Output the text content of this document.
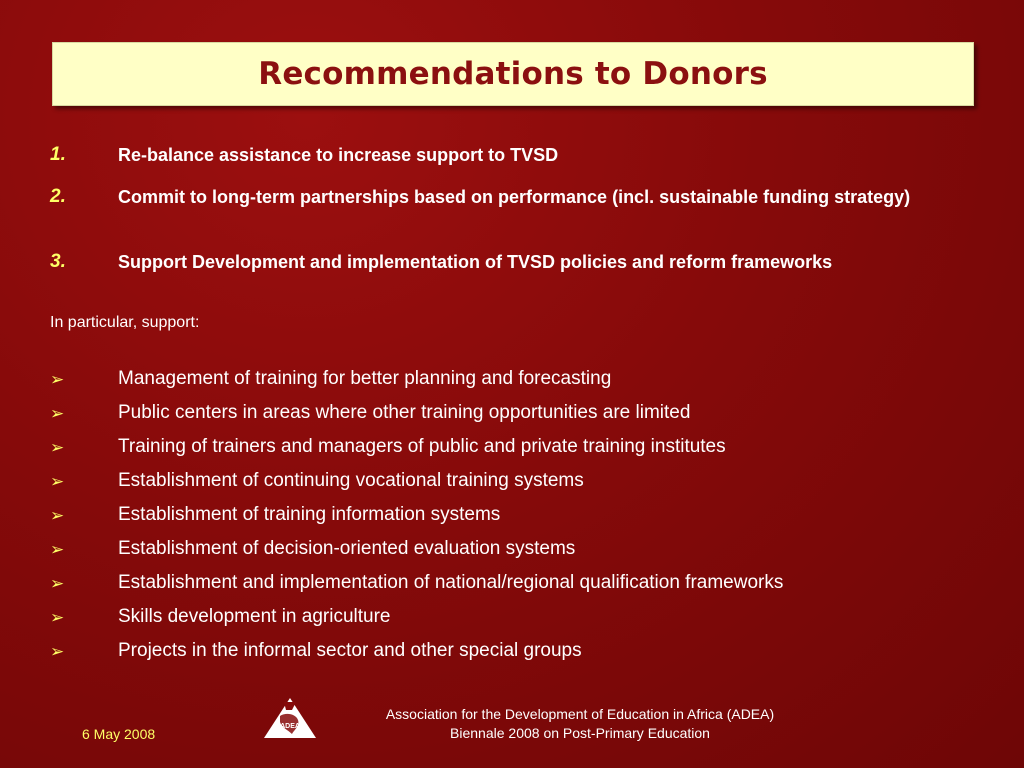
Recommendations to Donors
1.	Re-balance assistance to increase support to TVSD
2.	Commit to long-term partnerships based on performance (incl. sustainable funding strategy)
3.	Support Development and implementation of TVSD policies and reform frameworks
In particular, support:
➢	Management of training for better planning and forecasting
➢	Public centers in areas where other training opportunities are limited
➢	Training of trainers and managers of public and private training institutes
➢	Establishment of continuing vocational training systems
➢	Establishment of training information systems
➢	Establishment of decision-oriented evaluation systems
➢	Establishment and implementation of national/regional qualification frameworks
➢	Skills development in agriculture
➢	Projects in the informal sector and other special groups
6 May 2008	ADEA
Association for the Development of Education in Africa (ADEA)
Biennale 2008 on Post-Primary Education
